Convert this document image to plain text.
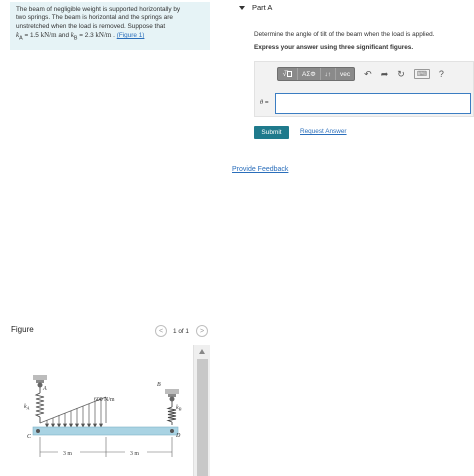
The beam of negligible weight is supported horizontally by
two springs. The beam is horizontal and the springs are
unstretched when the load is removed. Suppose that
$k_A = 1.5$ kN/m and $k_B = 2.3$ kN/m . (Figure 1)
Part A
Determine the angle of tilt of the beam when the load is applied.
Express your answer using three significant figures.
√̅	AΣΦ	↓↑	vec	↶ ➦ ↻	⌨	?
θ =
Submit	Request Answer
Provide Feedback
Figure	<	1 of 1	>
A
B
C	D
$k_A$	$k_B$
600 N/m
3 m	3 m
